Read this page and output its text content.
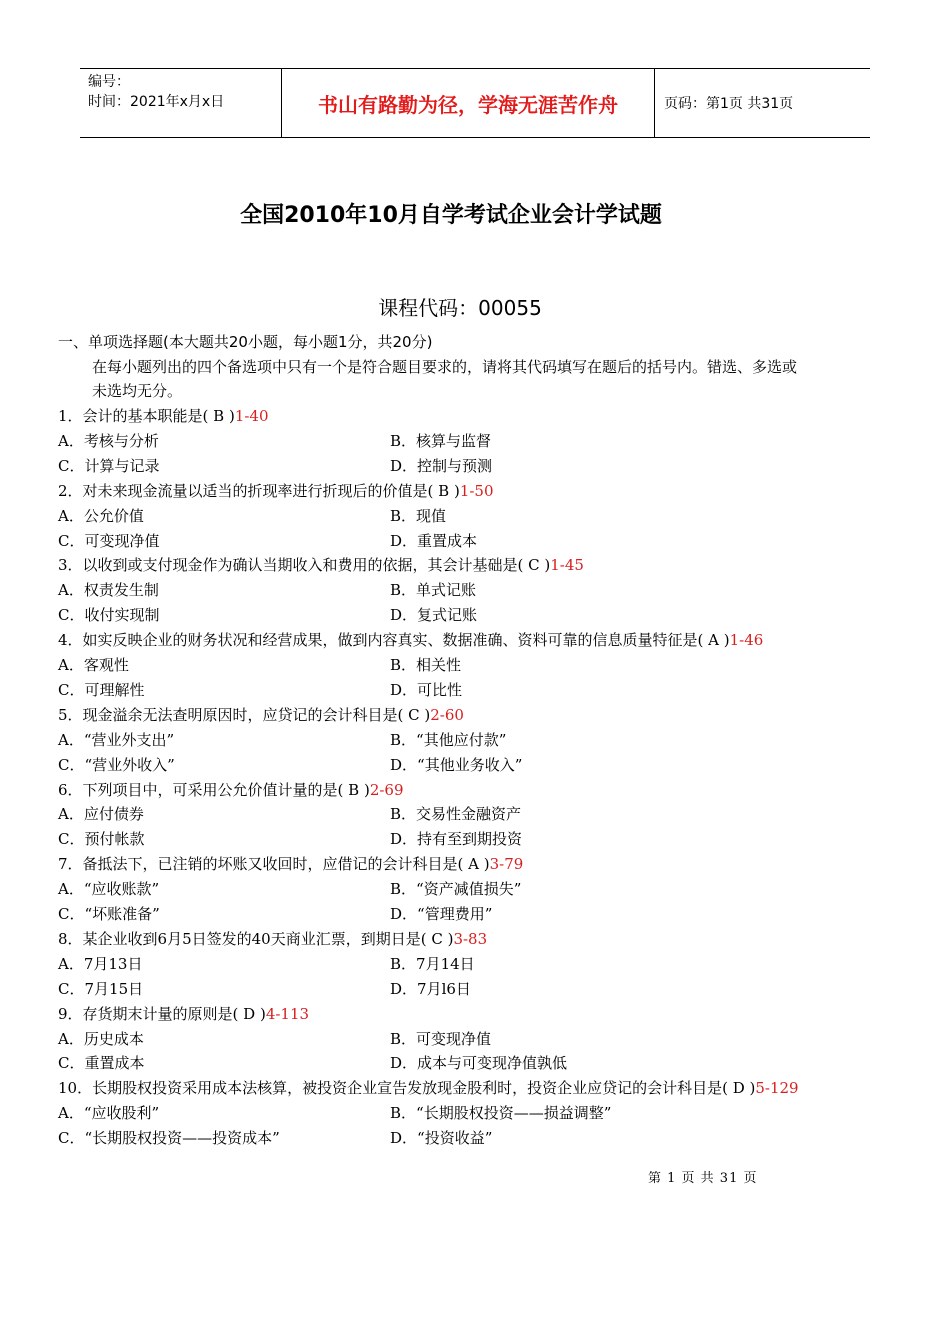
编号：
时间：2021年x月x日	书山有路勤为径，学海无涯苦作舟	页码：第1页 共31页
全国2010年10月自学考试企业会计学试题
课程代码：00055
一、单项选择题(本大题共20小题，每小题1分，共20分)
在每小题列出的四个备选项中只有一个是符合题目要求的，请将其代码填写在题后的括号内。错选、多选或
未选均无分。
1．会计的基本职能是( B )1-40
A．考核与分析	B．核算与监督
C．计算与记录	D．控制与预测
2．对未来现金流量以适当的折现率进行折现后的价值是( B )1-50
A．公允价值	B．现值
C．可变现净值	D．重置成本
3．以收到或支付现金作为确认当期收入和费用的依据，其会计基础是( C )1-45
A．权责发生制	B．单式记账
C．收付实现制	D．复式记账
4．如实反映企业的财务状况和经营成果，做到内容真实、数据准确、资料可靠的信息质量特征是( A )1-46
A．客观性	B．相关性
C．可理解性	D．可比性
5．现金溢余无法查明原因时，应贷记的会计科目是( C )2-60
A．“营业外支出”	B．“其他应付款”
C．“营业外收入”	D．“其他业务收入”
6．下列项目中，可采用公允价值计量的是( B )2-69
A．应付债券	B．交易性金融资产
C．预付帐款	D．持有至到期投资
7．备抵法下，已注销的坏账又收回时，应借记的会计科目是( A )3-79
A．“应收账款”	B．“资产减值损失”
C．“坏账准备”	D．“管理费用”
8．某企业收到6月5日签发的40天商业汇票，到期日是( C )3-83
A．7月13日	B．7月14日
C．7月15日	D．7月l6日
9．存货期末计量的原则是( D )4-113
A．历史成本	B．可变现净值
C．重置成本	D．成本与可变现净值孰低
10．长期股权投资采用成本法核算，被投资企业宣告发放现金股利时，投资企业应贷记的会计科目是( D )5-129
A．“应收股利”	B．“长期股权投资——损益调整”
C．“长期股权投资——投资成本”	D．“投资收益”
第 1 页 共 31 页
